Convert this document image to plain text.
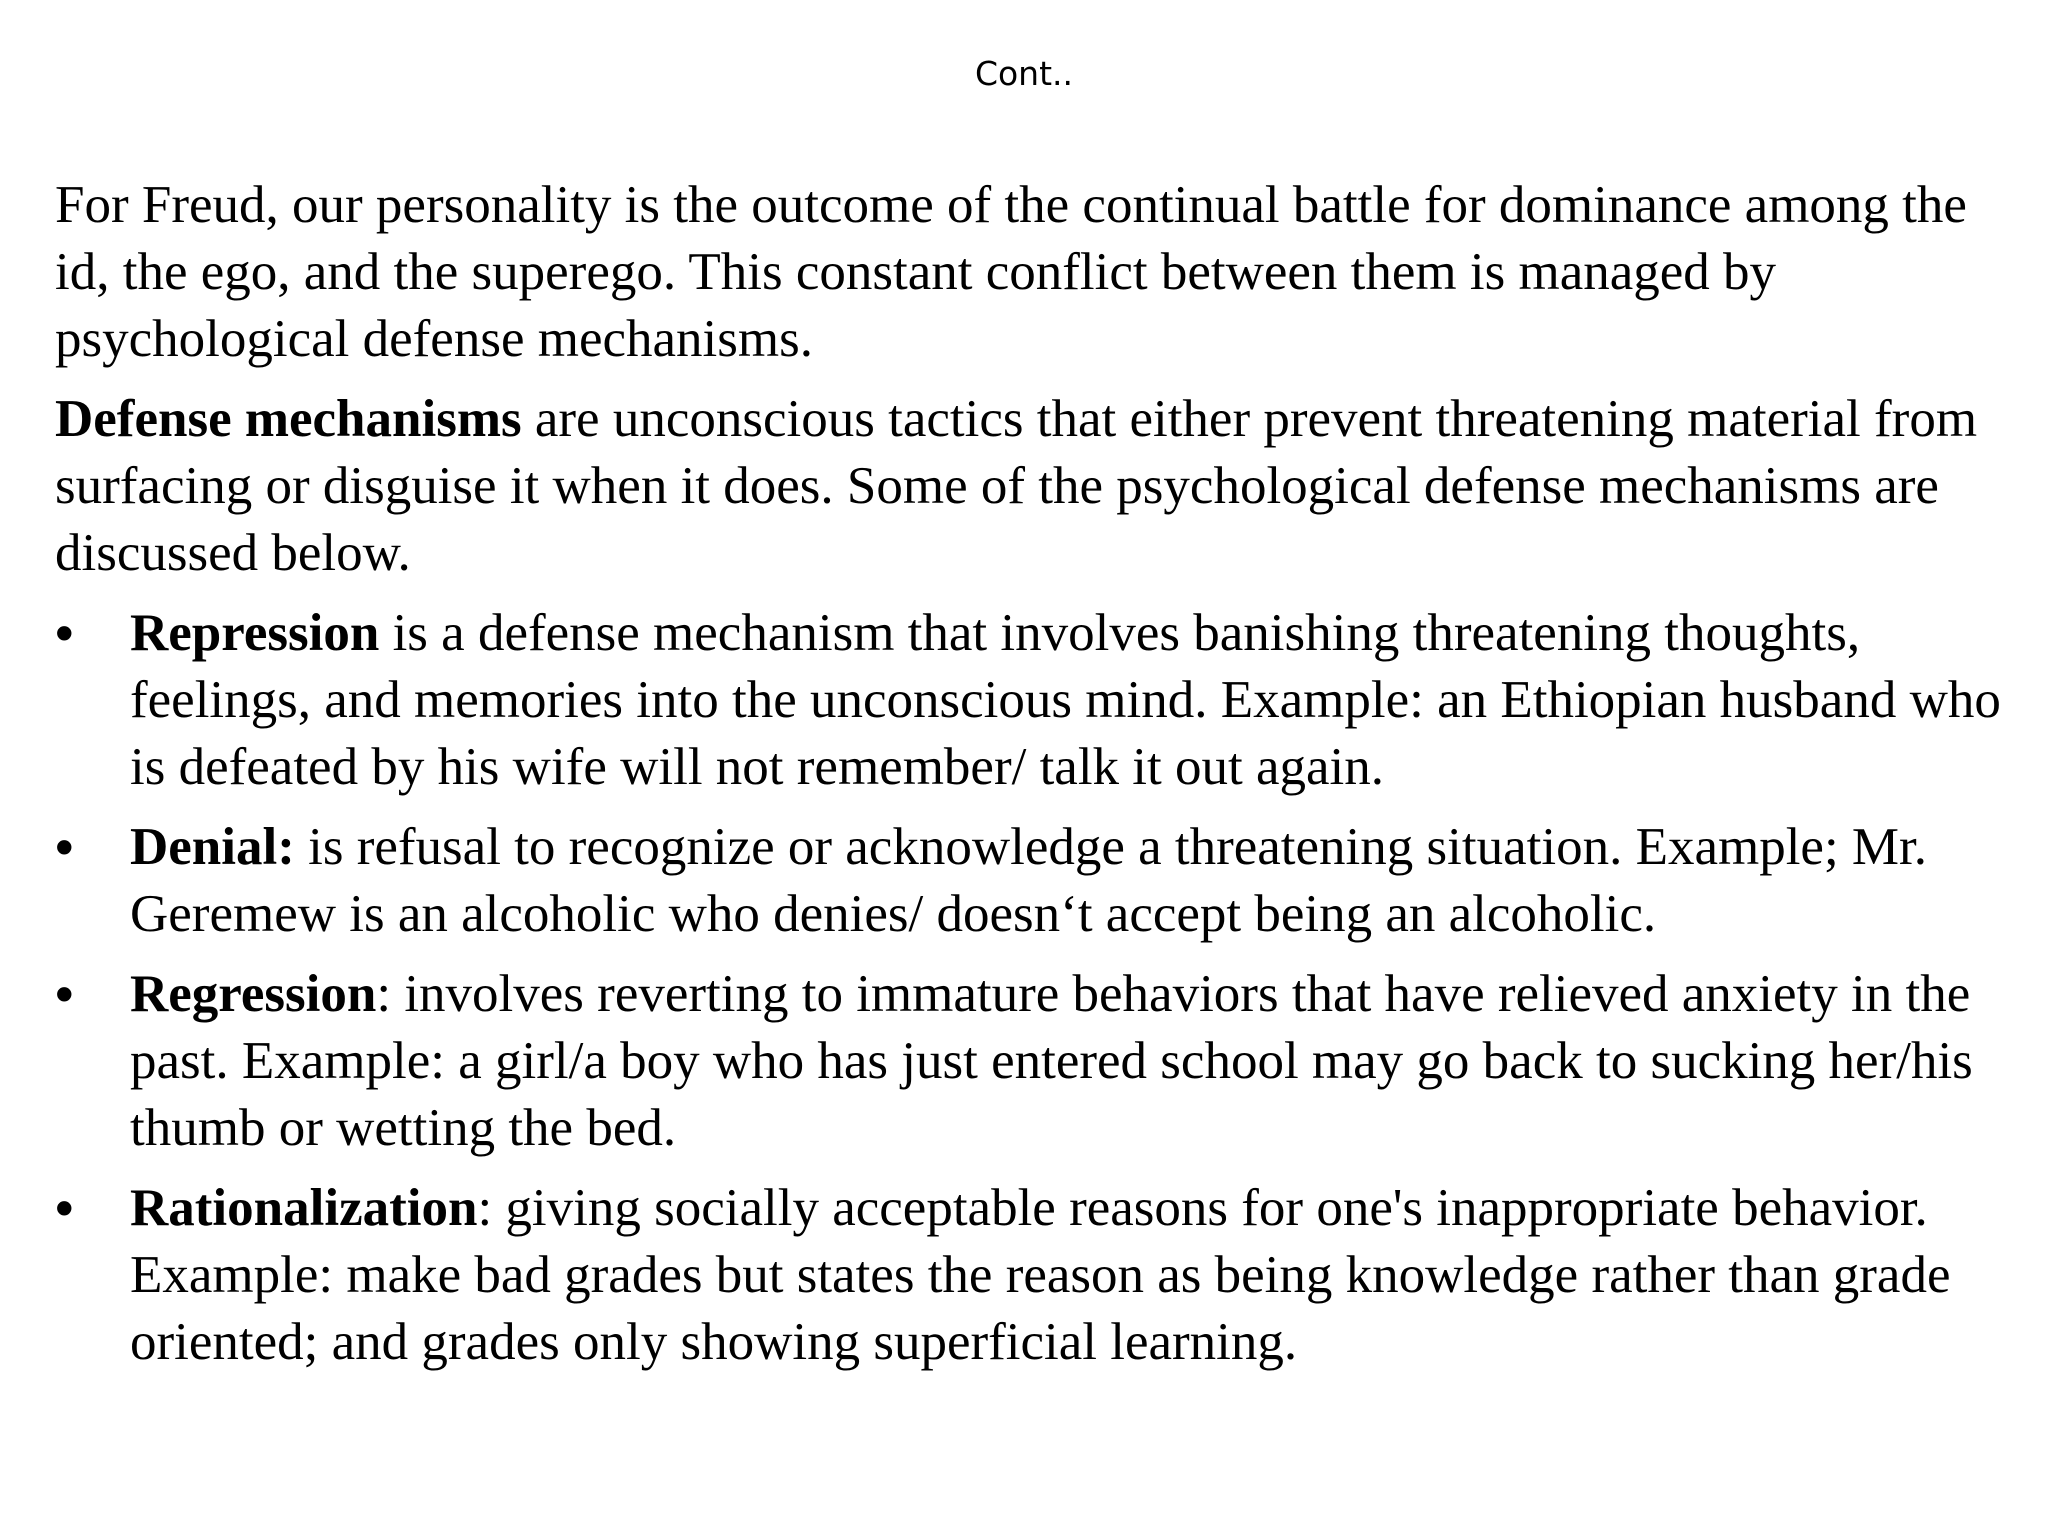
Cont..

For Freud, our personality is the outcome of the continual battle for dominance among the id, the ego, and the superego. This constant conflict between them is managed by psychological defense mechanisms.

Defense mechanisms are unconscious tactics that either prevent threatening material from surfacing or disguise it when it does. Some of the psychological defense mechanisms are discussed below.

•	Repression is a defense mechanism that involves banishing threatening thoughts, feelings, and memories into the unconscious mind. Example: an Ethiopian husband who is defeated by his wife will not remember/ talk it out again.
•	Denial: is refusal to recognize or acknowledge a threatening situation. Example; Mr. Geremew is an alcoholic who denies/ doesn‘t accept being an alcoholic.
•	Regression: involves reverting to immature behaviors that have relieved anxiety in the past. Example: a girl/a boy who has just entered school may go back to sucking her/his thumb or wetting the bed.
•	Rationalization: giving socially acceptable reasons for one's inappropriate behavior. Example: make bad grades but states the reason as being knowledge rather than grade oriented; and grades only showing superficial learning.
